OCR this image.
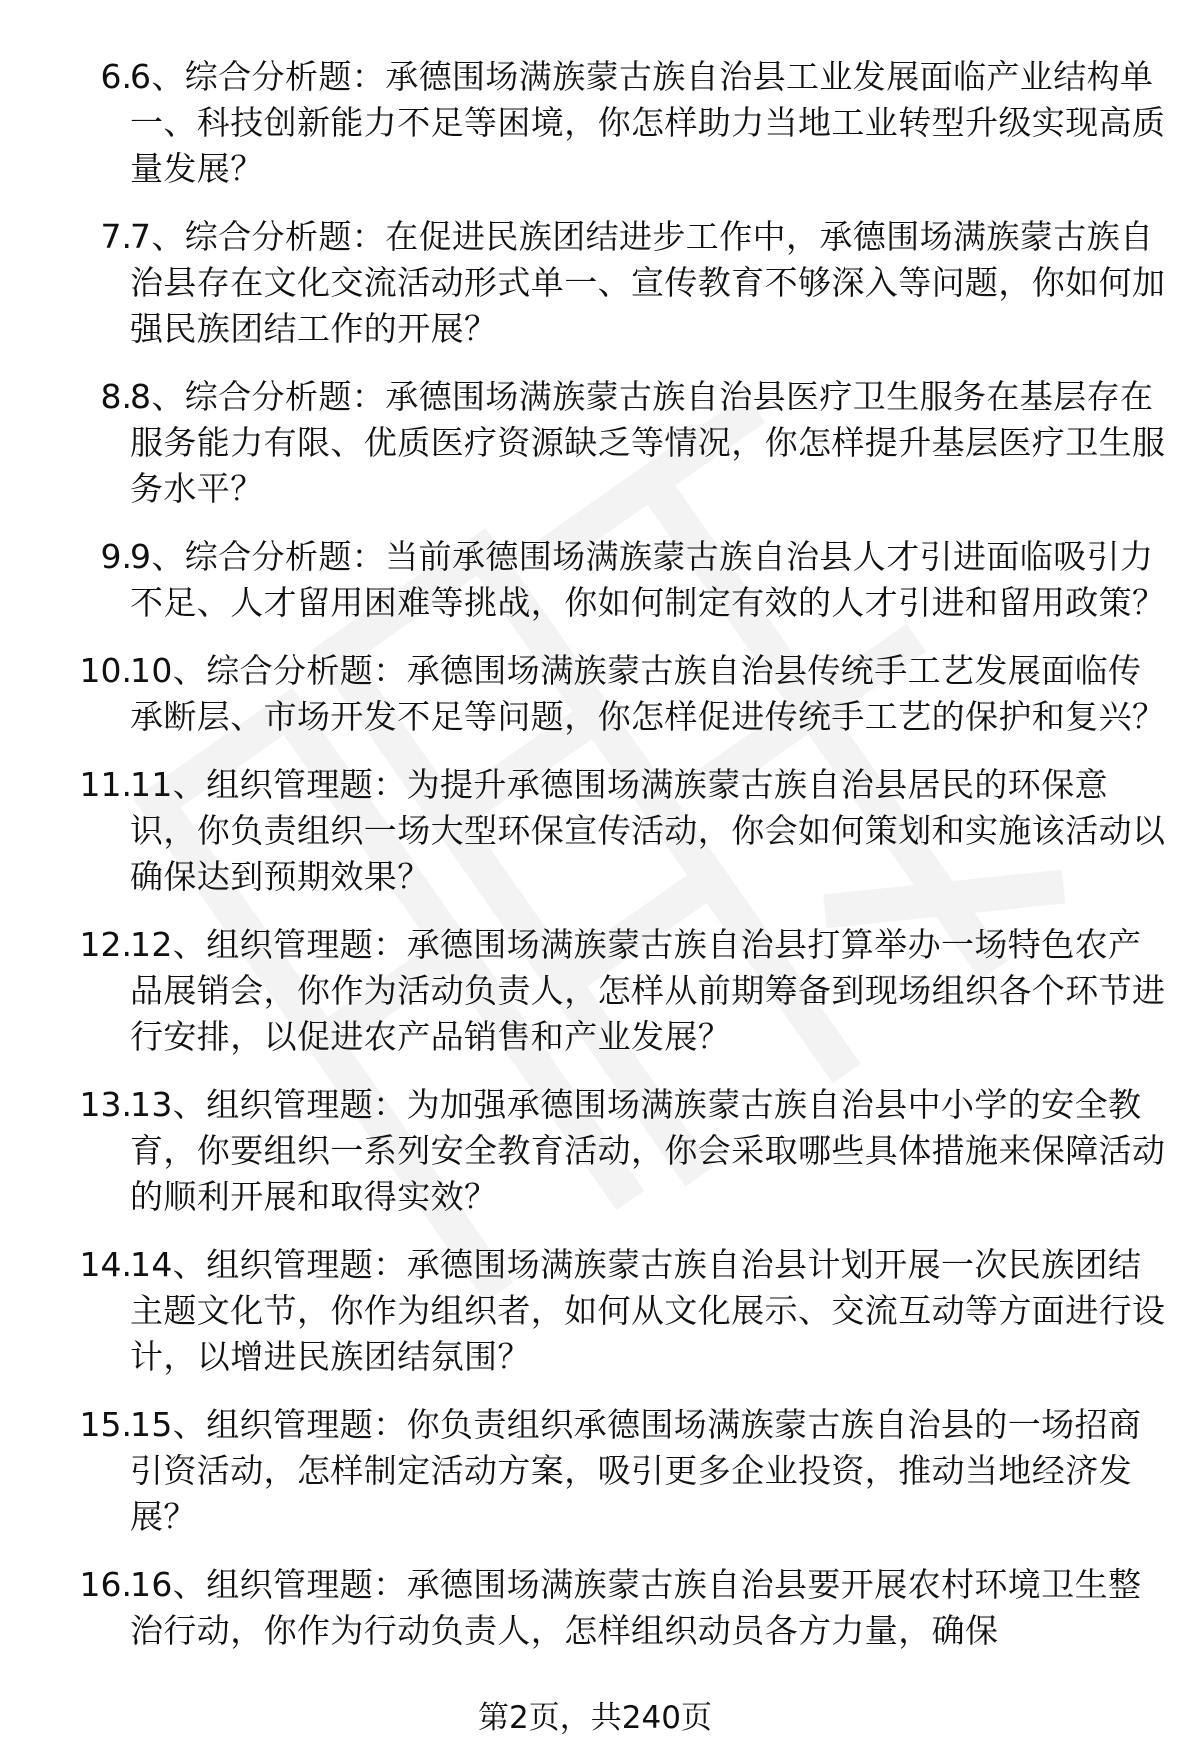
6.
6、综合分析题：承德围场满族蒙古族自治县工业发展面临产业结构单一、科技创新能力不足等困境，你怎样助力当地工业转型升级实现高质量发展？
7.
7、综合分析题：在促进民族团结进步工作中，承德围场满族蒙古族自治县存在文化交流活动形式单一、宣传教育不够深入等问题，你如何加强民族团结工作的开展？
8.
8、综合分析题：承德围场满族蒙古族自治县医疗卫生服务在基层存在服务能力有限、优质医疗资源缺乏等情况，你怎样提升基层医疗卫生服务水平？
9.
9、综合分析题：当前承德围场满族蒙古族自治县人才引进面临吸引力不足、人才留用困难等挑战，你如何制定有效的人才引进和留用政策？
10.
10、综合分析题：承德围场满族蒙古族自治县传统手工艺发展面临传承断层、市场开发不足等问题，你怎样促进传统手工艺的保护和复兴？
11.
11、组织管理题：为提升承德围场满族蒙古族自治县居民的环保意识，你负责组织一场大型环保宣传活动，你会如何策划和实施该活动以确保达到预期效果？
12.
12、组织管理题：承德围场满族蒙古族自治县打算举办一场特色农产品展销会，你作为活动负责人，怎样从前期筹备到现场组织各个环节进行安排，以促进农产品销售和产业发展？
13.
13、组织管理题：为加强承德围场满族蒙古族自治县中小学的安全教育，你要组织一系列安全教育活动，你会采取哪些具体措施来保障活动的顺利开展和取得实效？
14.
14、组织管理题：承德围场满族蒙古族自治县计划开展一次民族团结主题文化节，你作为组织者，如何从文化展示、交流互动等方面进行设计，以增进民族团结氛围？
15.
15、组织管理题：你负责组织承德围场满族蒙古族自治县的一场招商引资活动，怎样制定活动方案，吸引更多企业投资，推动当地经济发展？
16.
16、组织管理题：承德围场满族蒙古族自治县要开展农村环境卫生整治行动，你作为行动负责人，怎样组织动员各方力量，确保
第2页，共240页
